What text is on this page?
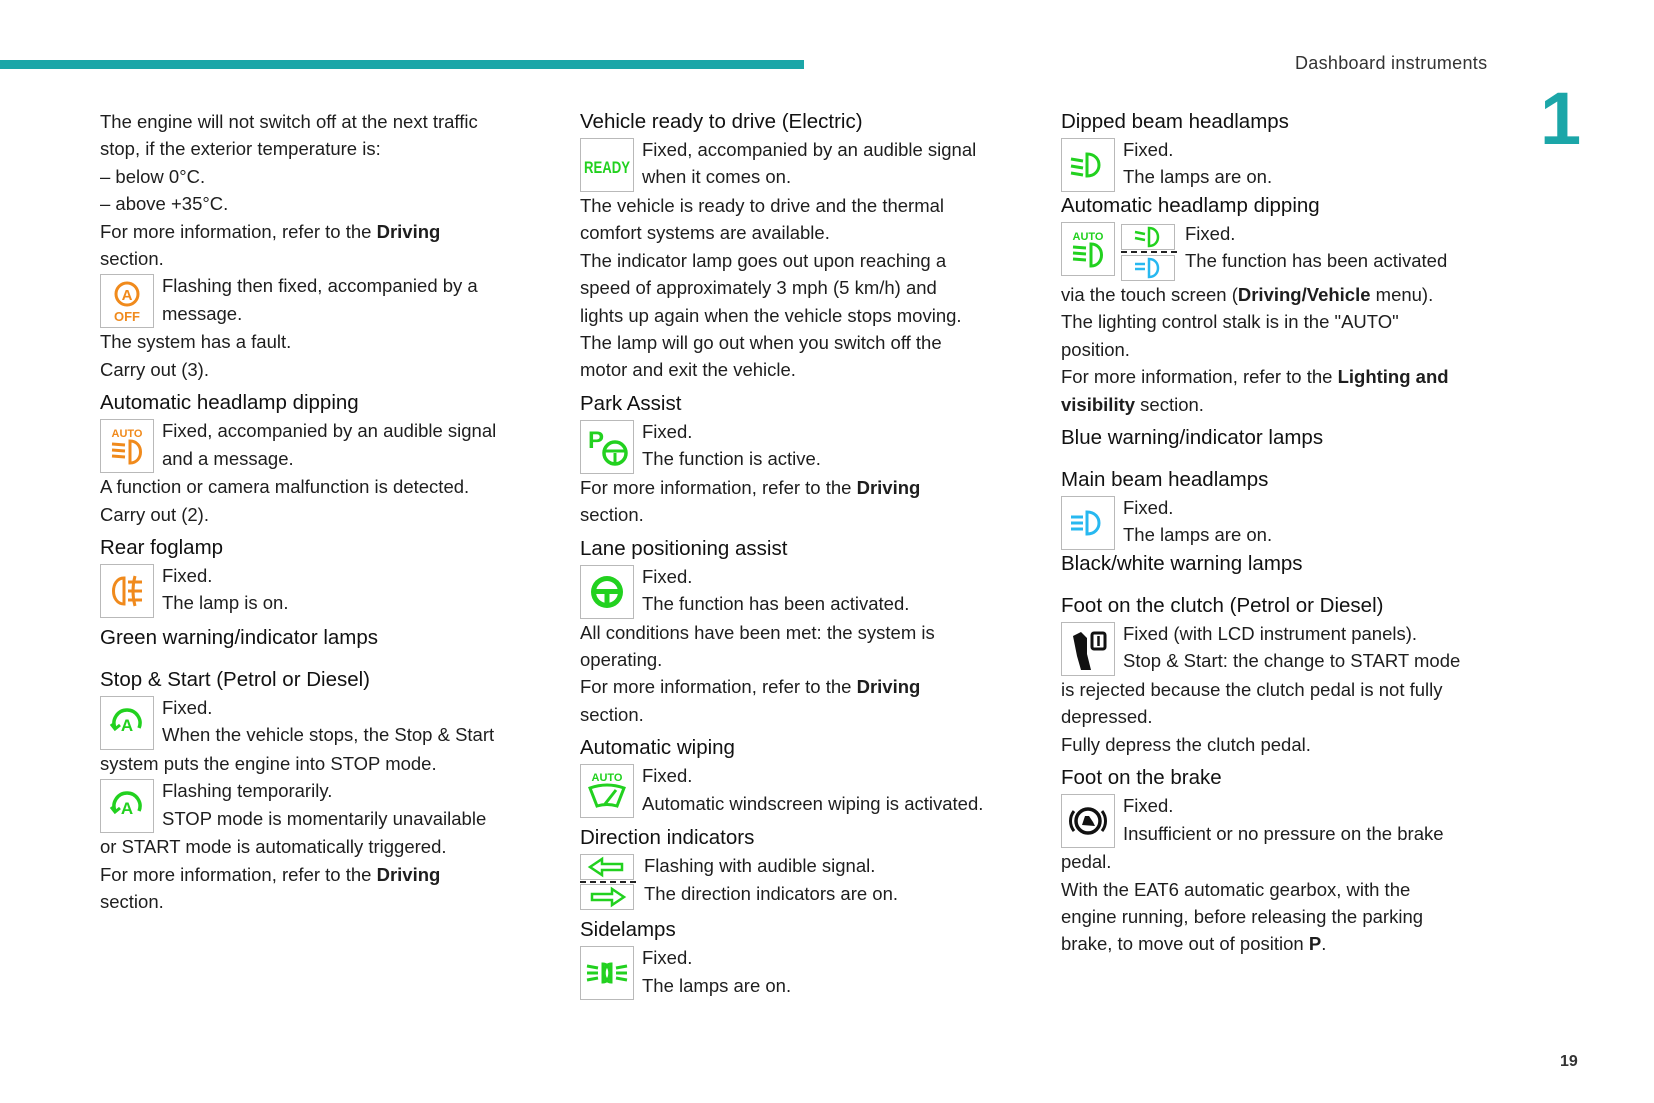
Dashboard instruments
1
19

The engine will not switch off at the next traffic

stop, if the exterior temperature is:

– below 0°C.

– above +35°C.

For more information, refer to the Driving

section.

A
OFF

Flashing then fixed, accompanied by a

message.

The system has a fault.

Carry out (3).

Automatic headlamp dipping
AUTO Fixed, accompanied by an audible signal

and a message.

A function or camera malfunction is detected.

Carry out (2).

Rear foglamp

Fixed.

The lamp is on.

Green warning/indicator lamps
Stop & Start (Petrol or Diesel)
A

Fixed.

When the vehicle stops, the Stop & Start

system puts the engine into STOP mode.

A

Flashing temporarily.

STOP mode is momentarily unavailable

or START mode is automatically triggered.

For more information, refer to the Driving

section.

Vehicle ready to drive (Electric)
READY

Fixed, accompanied by an audible signal

when it comes on.

The vehicle is ready to drive and the thermal

comfort systems are available.

The indicator lamp goes out upon reaching a

speed of approximately 3 mph (5 km/h) and

lights up again when the vehicle stops moving.

The lamp will go out when you switch off the

motor and exit the vehicle.

Park Assist
P Fixed.

The function is active.

For more information, refer to the Driving

section.

Lane positioning assist

Fixed.

The function has been activated.

All conditions have been met: the system is

operating.

For more information, refer to the Driving

section.

Automatic wiping
AUTO Fixed.

Automatic windscreen wiping is activated.

Direction indicators

Flashing with audible signal.

The direction indicators are on.

Sidelamps

Fixed.

The lamps are on.

Dipped beam headlamps

Fixed.

The lamps are on.

Automatic headlamp dipping
AUTO	Fixed.

The function has been activated

via the touch screen (Driving/Vehicle menu).

The lighting control stalk is in the "AUTO"

position.

For more information, refer to the Lighting and

visibility section.

Blue warning/indicator lamps
Main beam headlamps

Fixed.

The lamps are on.

Black/white warning lamps
Foot on the clutch (Petrol or Diesel)

Fixed (with LCD instrument panels).

Stop & Start: the change to START mode

is rejected because the clutch pedal is not fully

depressed.

Fully depress the clutch pedal.

Foot on the brake

Fixed.

Insufficient or no pressure on the brake

pedal.

With the EAT6 automatic gearbox, with the

engine running, before releasing the parking

brake, to move out of position P.
